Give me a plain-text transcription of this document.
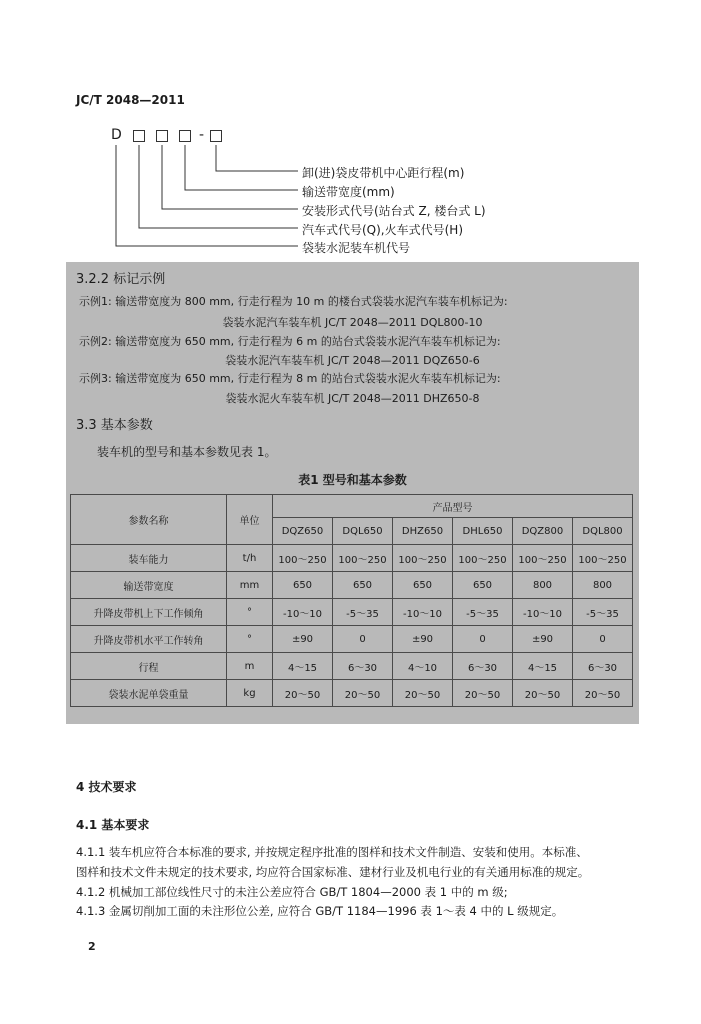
JC/T 2048—2011
D	-
卸(进)袋皮带机中心距行程(m)
输送带宽度(mm)
安装形式代号(站台式 Z, 楼台式 L)
汽车式代号(Q),火车式代号(H)
袋装水泥装车机代号
3.2.2 标记示例
示例1: 输送带宽度为 800 mm, 行走行程为 10 m 的楼台式袋装水泥汽车装车机标记为:
袋装水泥汽车装车机 JC/T 2048—2011 DQL800-10
示例2: 输送带宽度为 650 mm, 行走行程为 6 m 的站台式袋装水泥汽车装车机标记为:
袋装水泥汽车装车机 JC/T 2048—2011 DQZ650-6
示例3: 输送带宽度为 650 mm, 行走行程为 8 m 的站台式袋装水泥火车装车机标记为:
袋装水泥火车装车机 JC/T 2048—2011 DHZ650-8
3.3 基本参数
装车机的型号和基本参数见表 1。
表1 型号和基本参数
参数名称	单位	产品型号					
		DQZ650	DQL650	DHZ650	DHL650	DQZ800	DQL800
装车能力	t/h	100～250	100～250	100～250	100～250	100～250	100～250
输送带宽度	mm	650	650	650	650	800	800
升降皮带机上下工作倾角	°	-10～10	-5～35	-10～10	-5～35	-10～10	-5～35
升降皮带机水平工作转角	°	±90	0	±90	0	±90	0
行程	m	4～15	6～30	4～10	6～30	4～15	6～30
袋装水泥单袋重量	kg	20～50	20～50	20～50	20～50	20～50	20～50
4 技术要求
4.1 基本要求
4.1.1 装车机应符合本标准的要求, 并按规定程序批准的图样和技术文件制造、安装和使用。本标准、
图样和技术文件未规定的技术要求, 均应符合国家标准、建材行业及机电行业的有关通用标准的规定。
4.1.2 机械加工部位线性尺寸的未注公差应符合 GB/T 1804—2000 表 1 中的 m 级;
4.1.3 金属切削加工面的未注形位公差, 应符合 GB/T 1184—1996 表 1～表 4 中的 L 级规定。
2
